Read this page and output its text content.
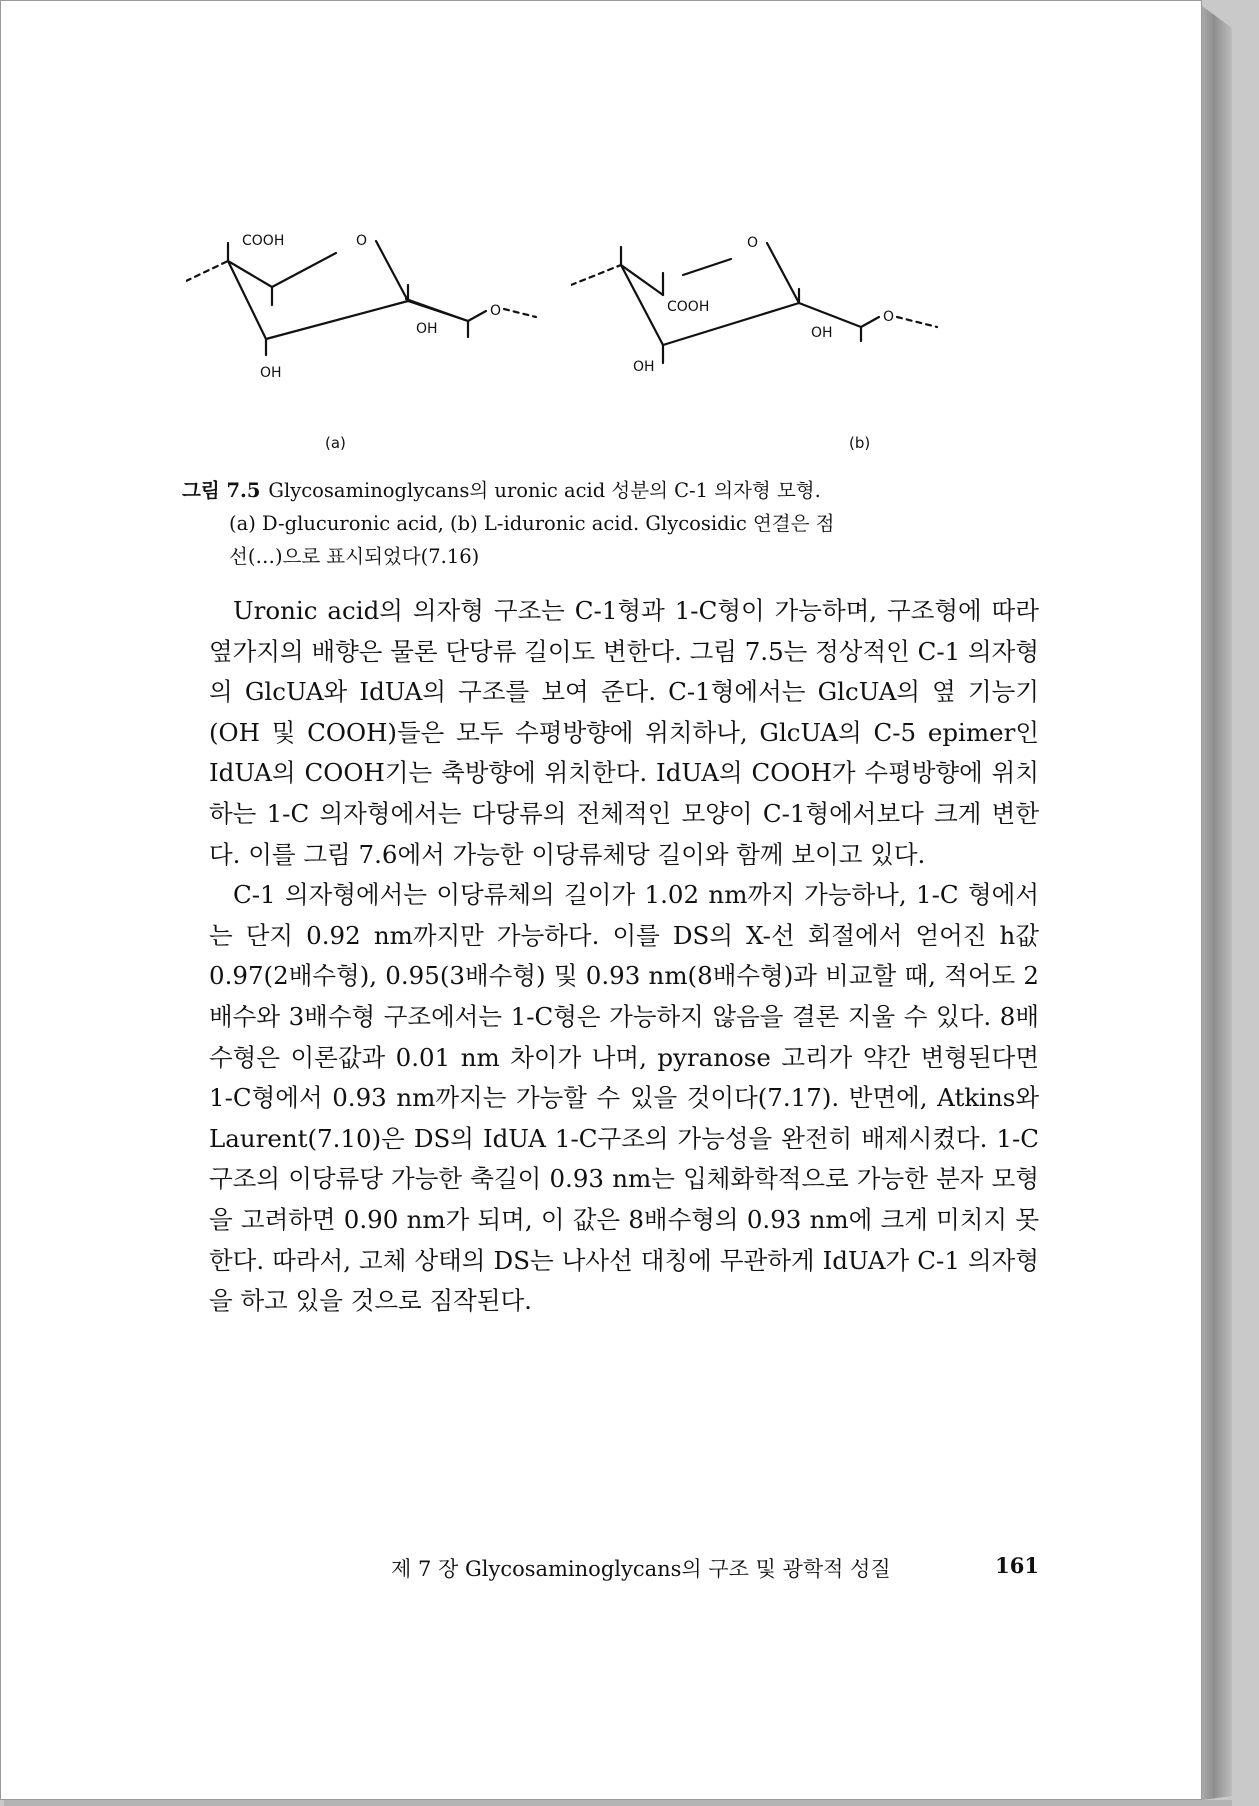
COOH	O
OH
OH
O
	COOH
O
OH
OH
O
(a)	(b)
그림 7.5 Glycosaminoglycans의 uronic acid 성분의 C-1 의자형 모형.
(a) D-glucuronic acid, (b) L-iduronic acid. Glycosidic 연결은 점
선(…)으로 표시되었다(7.16)

Uronic acid의 의자형 구조는 C-1형과 1-C형이 가능하며, 구조형에 따라 옆가지의 배향은 물론 단당류 길이도 변한다. 그림 7.5는 정상적인 C-1 의자형의 GlcUA와 IdUA의 구조를 보여 준다. C-1형에서는 GlcUA의 옆 기능기(OH 및 COOH)들은 모두 수평방향에 위치하나, GlcUA의 C-5 epimer인 IdUA의 COOH기는 축방향에 위치한다. IdUA의 COOH가 수평방향에 위치하는 1-C 의자형에서는 다당류의 전체적인 모양이 C-1형에서보다 크게 변한다. 이를 그림 7.6에서 가능한 이당류체당 길이와 함께 보이고 있다.

C-1 의자형에서는 이당류체의 길이가 1.02 nm까지 가능하나, 1-C 형에서는 단지 0.92 nm까지만 가능하다. 이를 DS의 X-선 회절에서 얻어진 h값 0.97(2배수형), 0.95(3배수형) 및 0.93 nm(8배수형)과 비교할 때, 적어도 2배수와 3배수형 구조에서는 1-C형은 가능하지 않음을 결론 지울 수 있다. 8배수형은 이론값과 0.01 nm 차이가 나며, pyranose 고리가 약간 변형된다면 1-C형에서 0.93 nm까지는 가능할 수 있을 것이다(7.17). 반면에, Atkins와 Laurent(7.10)은 DS의 IdUA 1-C구조의 가능성을 완전히 배제시켰다. 1-C 구조의 이당류당 가능한 축길이 0.93 nm는 입체화학적으로 가능한 분자 모형을 고려하면 0.90 nm가 되며, 이 값은 8배수형의 0.93 nm에 크게 미치지 못한다. 따라서, 고체 상태의 DS는 나사선 대칭에 무관하게 IdUA가 C-1 의자형을 하고 있을 것으로 짐작된다.

제 7 장 Glycosaminoglycans의 구조 및 광학적 성질	161
